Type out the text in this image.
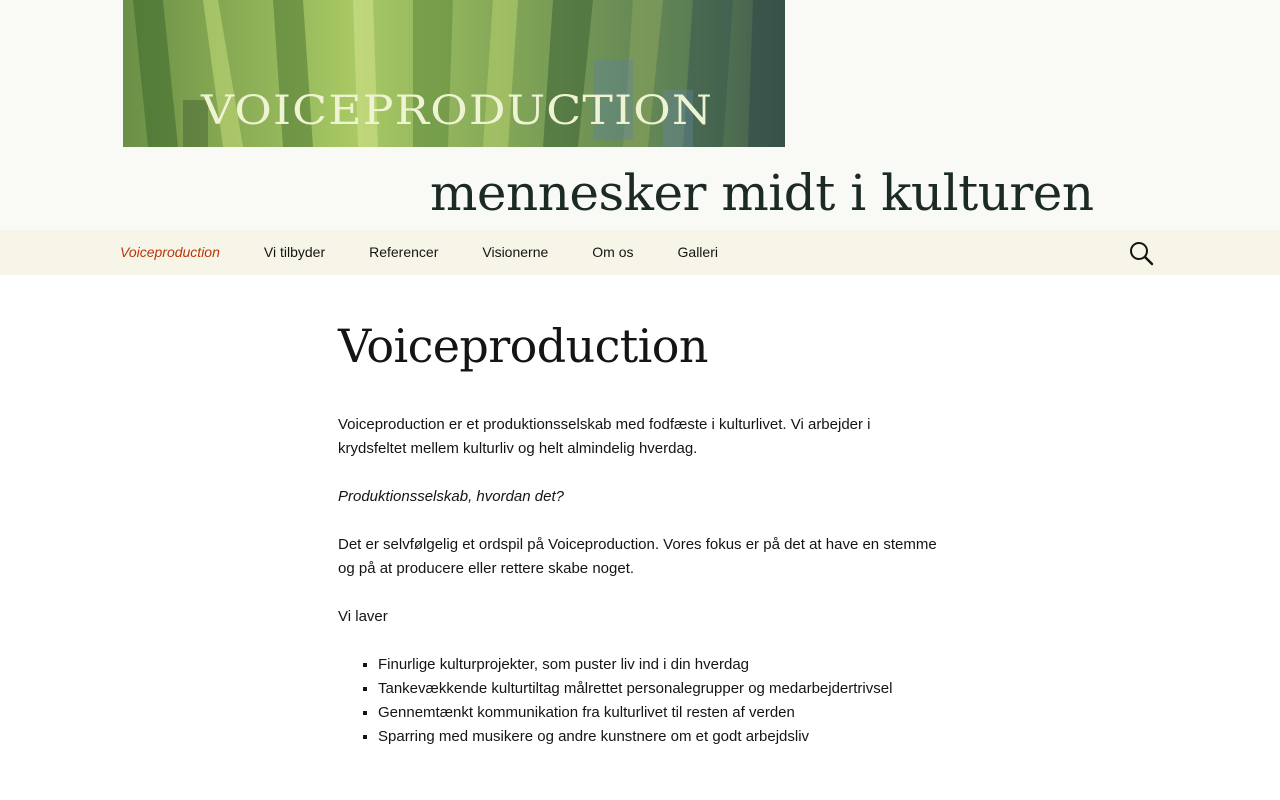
VOICEPRODUCTION
mennesker midt i kulturen
Voiceproduction	Vi tilbyder	Referencer	Visionerne	Om os	Galleri
Voiceproduction

Voiceproduction er et produktionsselskab med fodfæste i kulturlivet. Vi arbejder i krydsfeltet mellem kulturliv og helt almindelig hverdag.

Produktionsselskab, hvordan det?

Det er selvfølgelig et ordspil på Voiceproduction. Vores fokus er på det at have en stemme og på at producere eller rettere skabe noget.

Vi laver

▪ Finurlige kulturprojekter, som puster liv ind i din hverdag
▪ Tankevækkende kulturtiltag målrettet personalegrupper og medarbejdertrivsel
▪ Gennemtænkt kommunikation fra kulturlivet til resten af verden
▪ Sparring med musikere og andre kunstnere om et godt arbejdsliv
